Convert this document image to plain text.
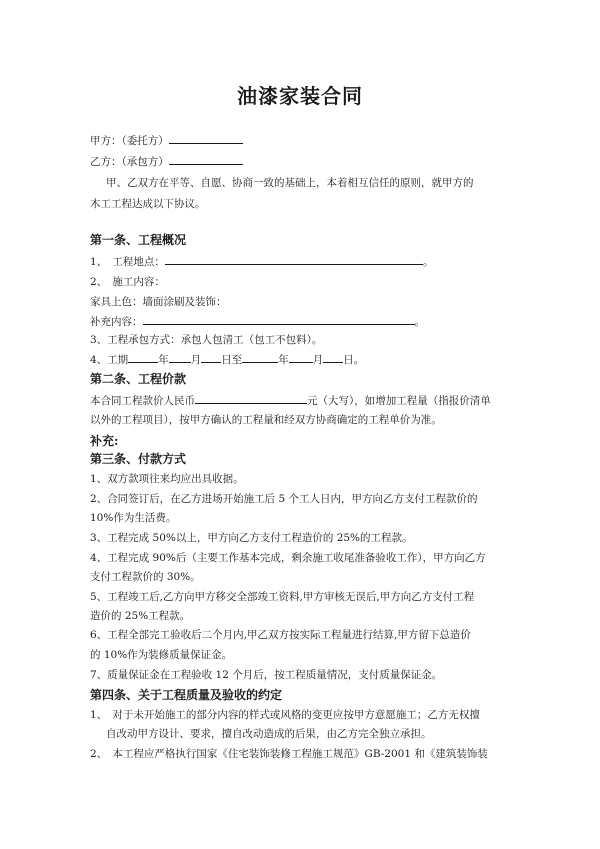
油漆家装合同
甲方：（委托方）
乙方：（承包方）
甲、乙双方在平等、自愿、协商一致的基础上，本着相互信任的原则，就甲方的
木工工程达成以下协议。
第一条、工程概况
1、　工程地点：	。
2、　施工内容：
家具上色：墙面涂刷及装饰：
补充内容：	。
3、工程承包方式：承包人包清工（包工不包料）。
4、工期	年 月 日至	年 月 日。
第二条、工程价款
本合同工程款价人民币	元（大写），如增加工程量（指报价清单
以外的工程项目），按甲方确认的工程量和经双方协商确定的工程单价为准。
补充:
第三条、付款方式
1、双方款项往来均应出具收据。
2、合同签订后，在乙方进场开始施工后 5 个工人日内，甲方向乙方支付工程款价的
10%作为生活费。
3、工程完成 50%以上，甲方向乙方支付工程造价的 25%的工程款。
4、工程完成 90%后（主要工作基本完成，剩余施工收尾准备验收工作），甲方向乙方
支付工程款价的 30%。
5、工程竣工后,乙方向甲方移交全部竣工资料,甲方审核无误后,甲方向乙方支付工程
造价的 25%工程款。
6、工程全部完工验收后二个月内,甲乙双方按实际工程量进行结算,甲方留下总造价
的 10%作为装修质量保证金。
7、质量保证金在工程验收 12 个月后，按工程质量情况，支付质量保证金。
第四条、关于工程质量及验收的约定
1、　对于未开始施工的部分内容的样式或风格的变更应按甲方意愿施工；乙方无权擅
自改动甲方设计、要求，擅自改动造成的后果，由乙方完全独立承担。
2、　本工程应严格执行国家《住宅装饰装修工程施工规范》GB-2001 和《建筑装饰装
